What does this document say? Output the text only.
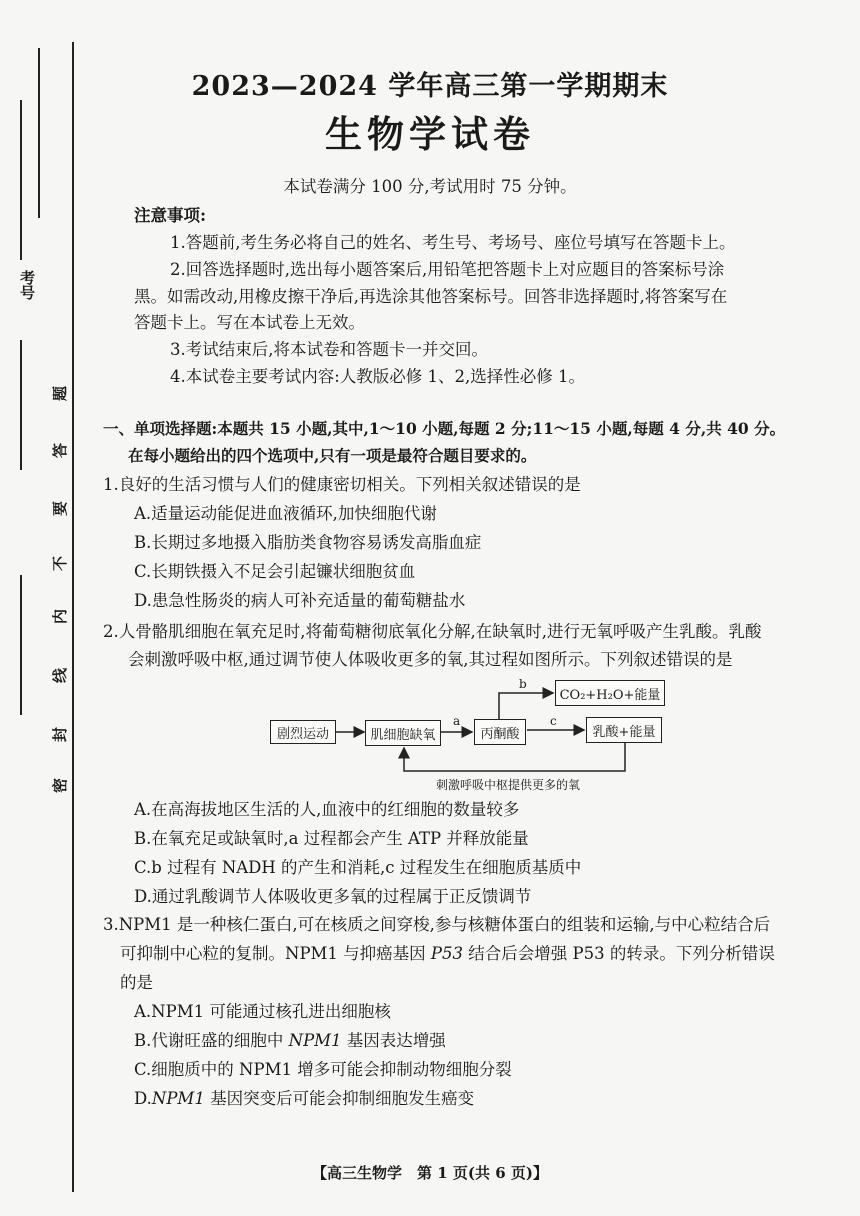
考号
密
封
线
内
不
要
答
题
2023—2024 学年高三第一学期期末
生物学试卷
本试卷满分 100 分,考试用时 75 分钟。
注意事项:
1.答题前,考生务必将自己的姓名、考生号、考场号、座位号填写在答题卡上。
2.回答选择题时,选出每小题答案后,用铅笔把答题卡上对应题目的答案标号涂
黑。如需改动,用橡皮擦干净后,再选涂其他答案标号。回答非选择题时,将答案写在
答题卡上。写在本试卷上无效。
3.考试结束后,将本试卷和答题卡一并交回。
4.本试卷主要考试内容:人教版必修 1、2,选择性必修 1。
一、单项选择题:本题共 15 小题,其中,1～10 小题,每题 2 分;11～15 小题,每题 4 分,共 40 分。
在每小题给出的四个选项中,只有一项是最符合题目要求的。
1.良好的生活习惯与人们的健康密切相关。下列相关叙述错误的是
A.适量运动能促进血液循环,加快细胞代谢
B.长期过多地摄入脂肪类食物容易诱发高脂血症
C.长期铁摄入不足会引起镰状细胞贫血
D.患急性肠炎的病人可补充适量的葡萄糖盐水
2.人骨骼肌细胞在氧充足时,将葡萄糖彻底氧化分解,在缺氧时,进行无氧呼吸产生乳酸。乳酸
会刺激呼吸中枢,通过调节使人体吸收更多的氧,其过程如图所示。下列叙述错误的是
剧烈运动	肌细胞缺氧	丙酮酸
CO₂+H₂O+能量
乳酸+能量
a
b
c
刺激呼吸中枢提供更多的氧
A.在高海拔地区生活的人,血液中的红细胞的数量较多
B.在氧充足或缺氧时,a 过程都会产生 ATP 并释放能量
C.b 过程有 NADH 的产生和消耗,c 过程发生在细胞质基质中
D.通过乳酸调节人体吸收更多氧的过程属于正反馈调节
3.NPM1 是一种核仁蛋白,可在核质之间穿梭,参与核糖体蛋白的组装和运输,与中心粒结合后
可抑制中心粒的复制。NPM1 与抑癌基因 P53 结合后会增强 P53 的转录。下列分析错误
的是
A.NPM1 可能通过核孔进出细胞核
B.代谢旺盛的细胞中 NPM1 基因表达增强
C.细胞质中的 NPM1 增多可能会抑制动物细胞分裂
D.NPM1 基因突变后可能会抑制细胞发生癌变
【高三生物学　第 1 页(共 6 页)】
